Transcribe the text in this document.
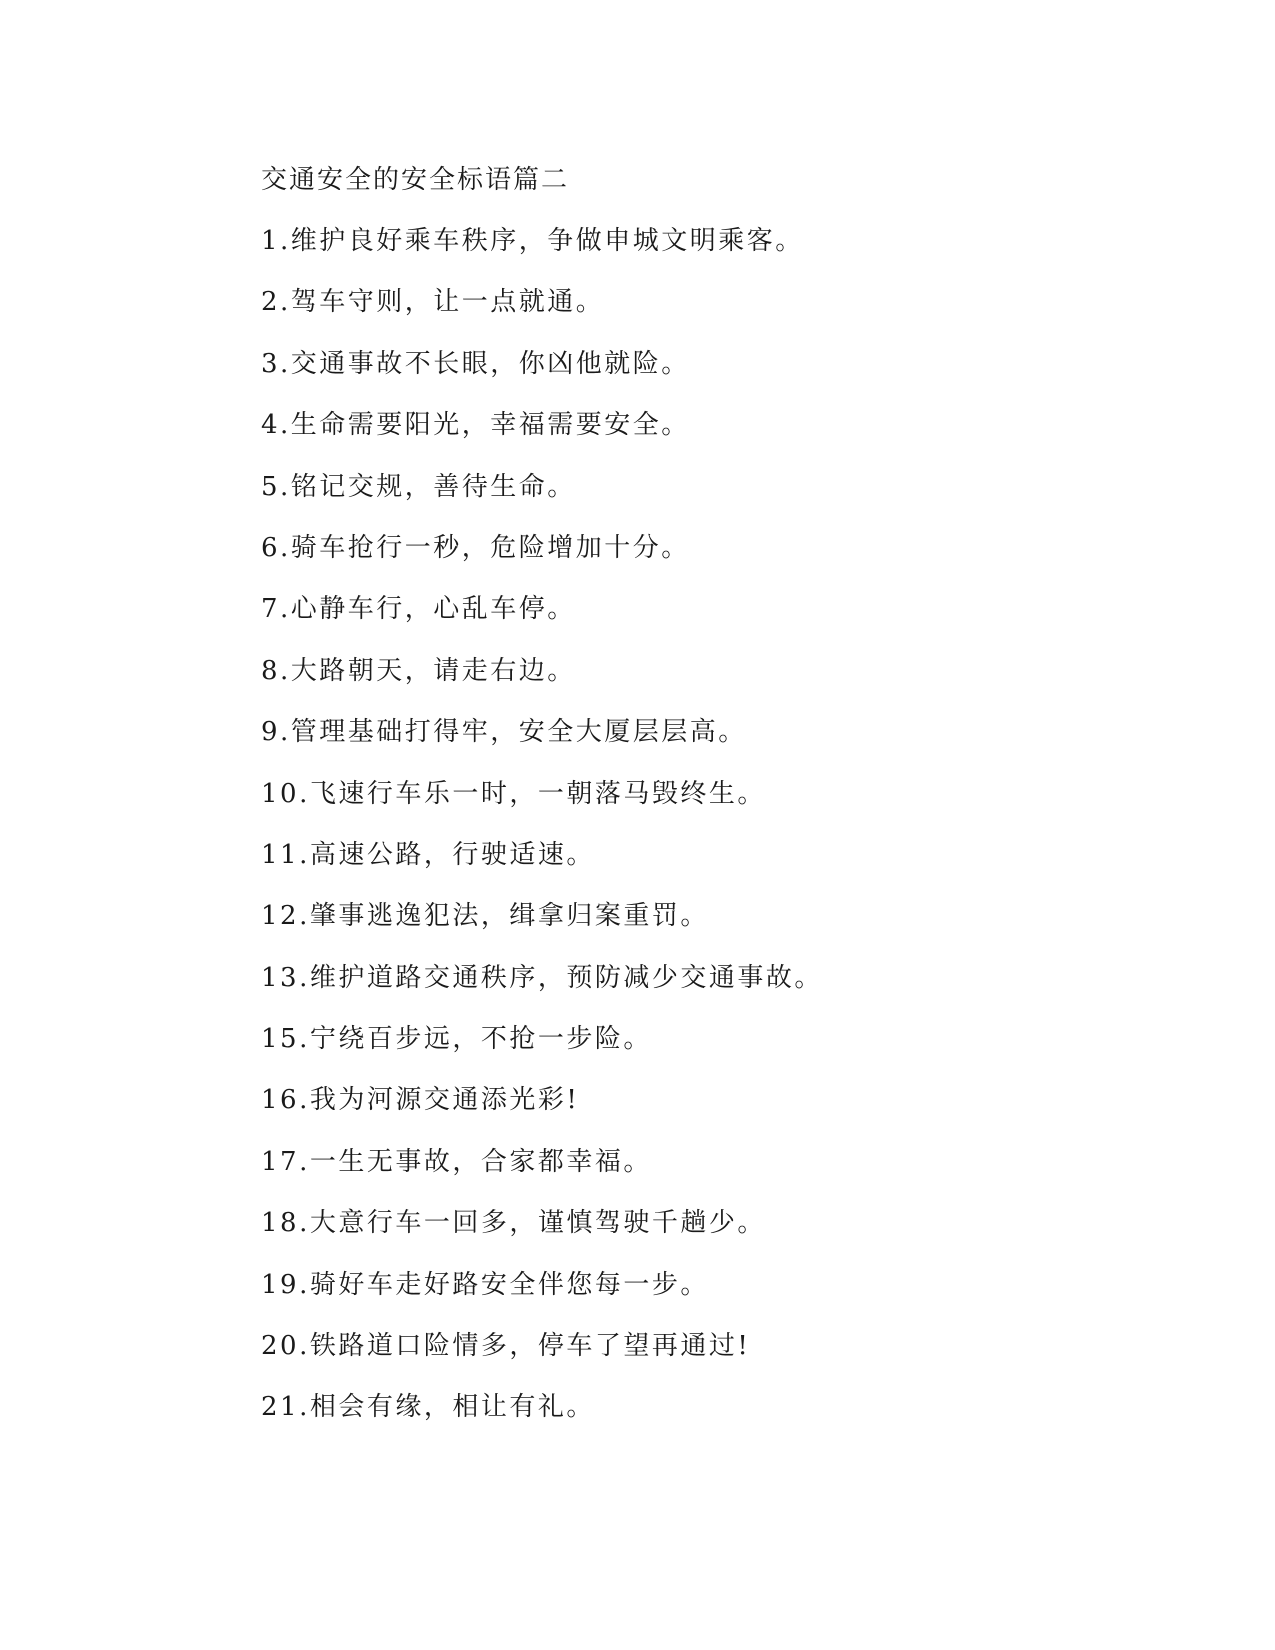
交通安全的安全标语篇二
1.维护良好乘车秩序，争做申城文明乘客。
2.驾车守则，让一点就通。
3.交通事故不长眼，你凶他就险。
4.生命需要阳光，幸福需要安全。
5.铭记交规，善待生命。
6.骑车抢行一秒，危险增加十分。
7.心静车行，心乱车停。
8.大路朝天，请走右边。
9.管理基础打得牢，安全大厦层层高。
10.飞速行车乐一时，一朝落马毁终生。
11.高速公路，行驶适速。
12.肇事逃逸犯法，缉拿归案重罚。
13.维护道路交通秩序，预防减少交通事故。
15.宁绕百步远，不抢一步险。
16.我为河源交通添光彩!
17.一生无事故，合家都幸福。
18.大意行车一回多，谨慎驾驶千趟少。
19.骑好车走好路安全伴您每一步。
20.铁路道口险情多，停车了望再通过!
21.相会有缘，相让有礼。
